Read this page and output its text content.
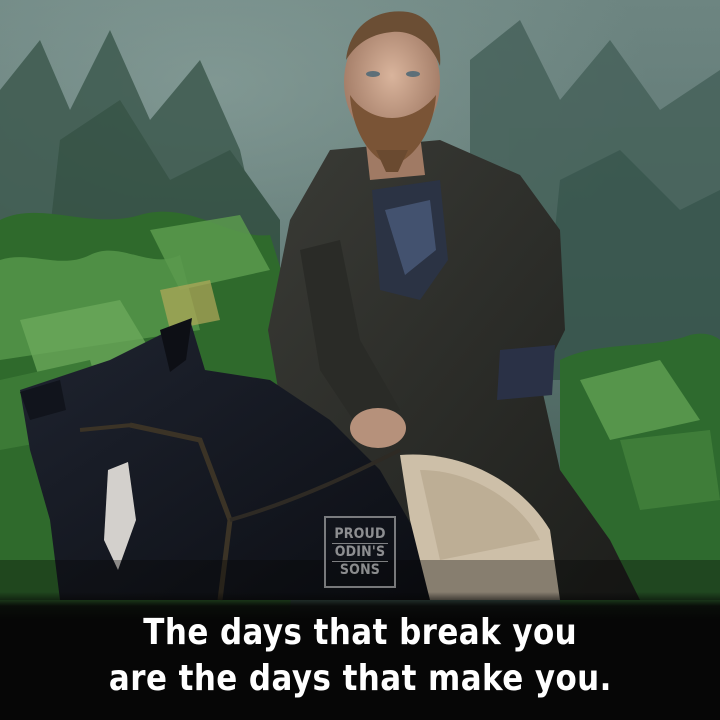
PROUD
ODIN'S
SONS
The days that break you
are the days that make you.
